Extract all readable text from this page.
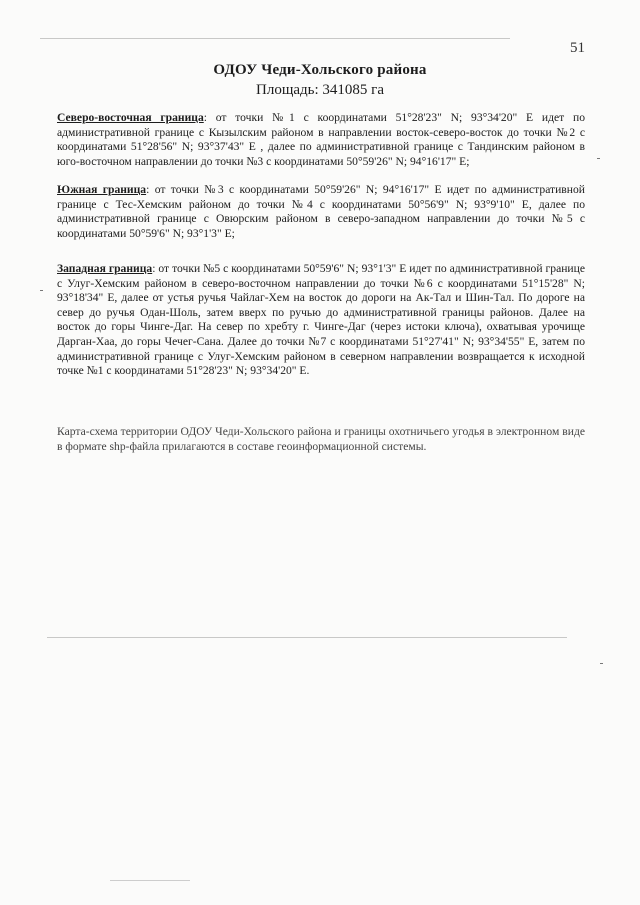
51
ОДОУ Чеди-Хольского района
Площадь: 341085 га
Северо-восточная граница: от точки №1 с координатами 51°28'23" N; 93°34'20" E идет по административной границе с Кызылским районом в направлении восток-северо-восток до точки №2 с координатами 51°28'56" N; 93°37'43" E , далее по административной границе с Тандинским районом в юго-восточном направлении до точки №3 с координатами 50°59'26" N; 94°16'17" E;
Южная граница: от точки №3 с координатами 50°59'26" N; 94°16'17" E идет по административной границе с Тес-Хемским районом до точки №4 с координатами 50°56'9" N; 93°9'10" E, далее по административной границе с Овюрским районом в северо-западном направлении до точки №5 с координатами 50°59'6" N; 93°1'3" E;
Западная граница: от точки №5 с координатами 50°59'6" N; 93°1'3" E идет по административной границе с Улуг-Хемским районом в северо-восточном направлении до точки №6 с координатами 51°15'28" N; 93°18'34" E, далее от устья ручья Чайлаг-Хем на восток до дороги на Ак-Тал и Шин-Тал. По дороге на север до ручья Одан-Шоль, затем вверх по ручью до административной границы районов. Далее на восток до горы Чинге-Даг. На север по хребту г. Чинге-Даг (через истоки ключа), охватывая урочище Дарган-Хаа, до горы Чечег-Сана. Далее до точки №7 с координатами 51°27'41" N; 93°34'55" E, затем по административной границе с Улуг-Хемским районом в северном направлении возвращается к исходной точке №1 с координатами 51°28'23" N; 93°34'20" E.
Карта-схема территории ОДОУ Чеди-Хольского района и границы охотничьего угодья в электронном виде в формате shp-файла прилагаются в составе геоинформационной системы.
